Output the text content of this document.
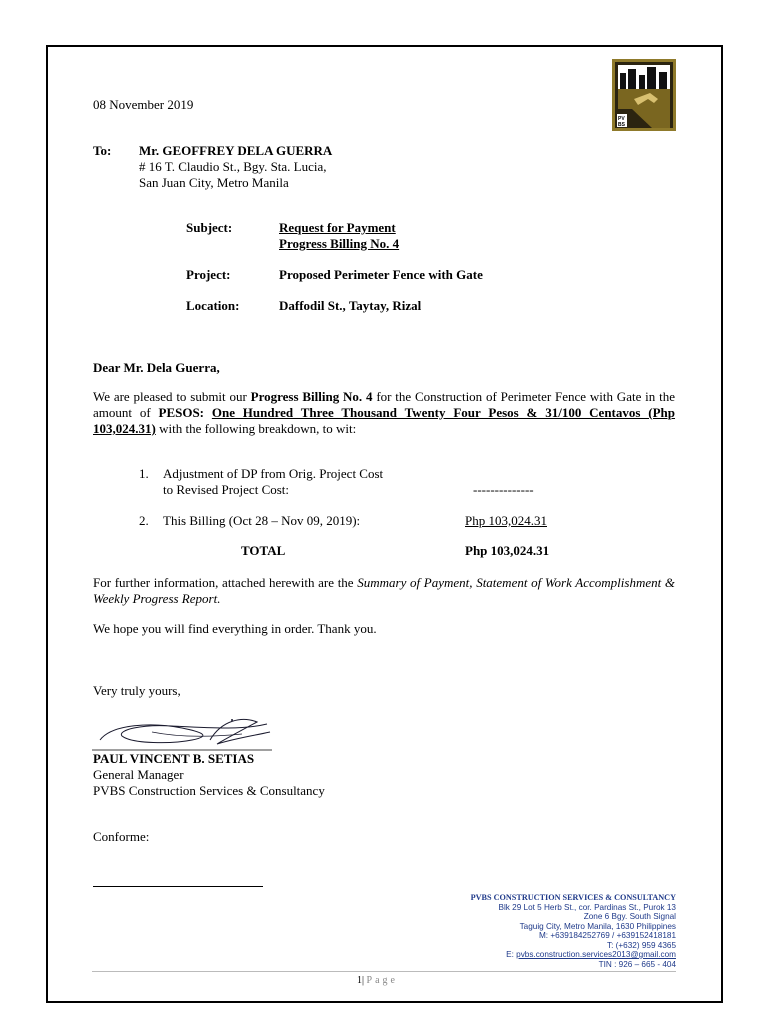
PV
BS
08 November 2019
To: Mr. GEOFFREY DELA GUERRA
# 16 T. Claudio St., Bgy. Sta. Lucia,
San Juan City, Metro Manila
Subject:	Request for Payment
Progress Billing No. 4
Project:	Proposed Perimeter Fence with Gate
Location:	Daffodil St., Taytay, Rizal
Dear Mr. Dela Guerra,
We are pleased to submit our Progress Billing No. 4 for the Construction of Perimeter Fence with Gate in the amount of PESOS: One Hundred Three Thousand Twenty Four Pesos & 31/100 Centavos (Php 103,024.31) with the following breakdown, to wit:
1. Adjustment of DP from Orig. Project Cost
to Revised Project Cost:	--------------
2. This Billing (Oct 28 – Nov 09, 2019):	Php 103,024.31
TOTAL	Php 103,024.31
For further information, attached herewith are the Summary of Payment, Statement of Work Accomplishment & Weekly Progress Report.
We hope you will find everything in order. Thank you.
Very truly yours,
PAUL VINCENT B. SETIAS
General Manager
PVBS Construction Services & Consultancy
Conforme:
PVBS CONSTRUCTION SERVICES & CONSULTANCY
Blk 29 Lot 5 Herb St., cor. Pardinas St., Purok 13
Zone 6 Bgy. South Signal
Taguig City, Metro Manila, 1630 Philippines
M: +639184252769 / +639152418181
T: (+632) 959 4365
E: pvbs.construction.services2013@gmail.com
TIN : 926 – 665 - 404
1| Page
